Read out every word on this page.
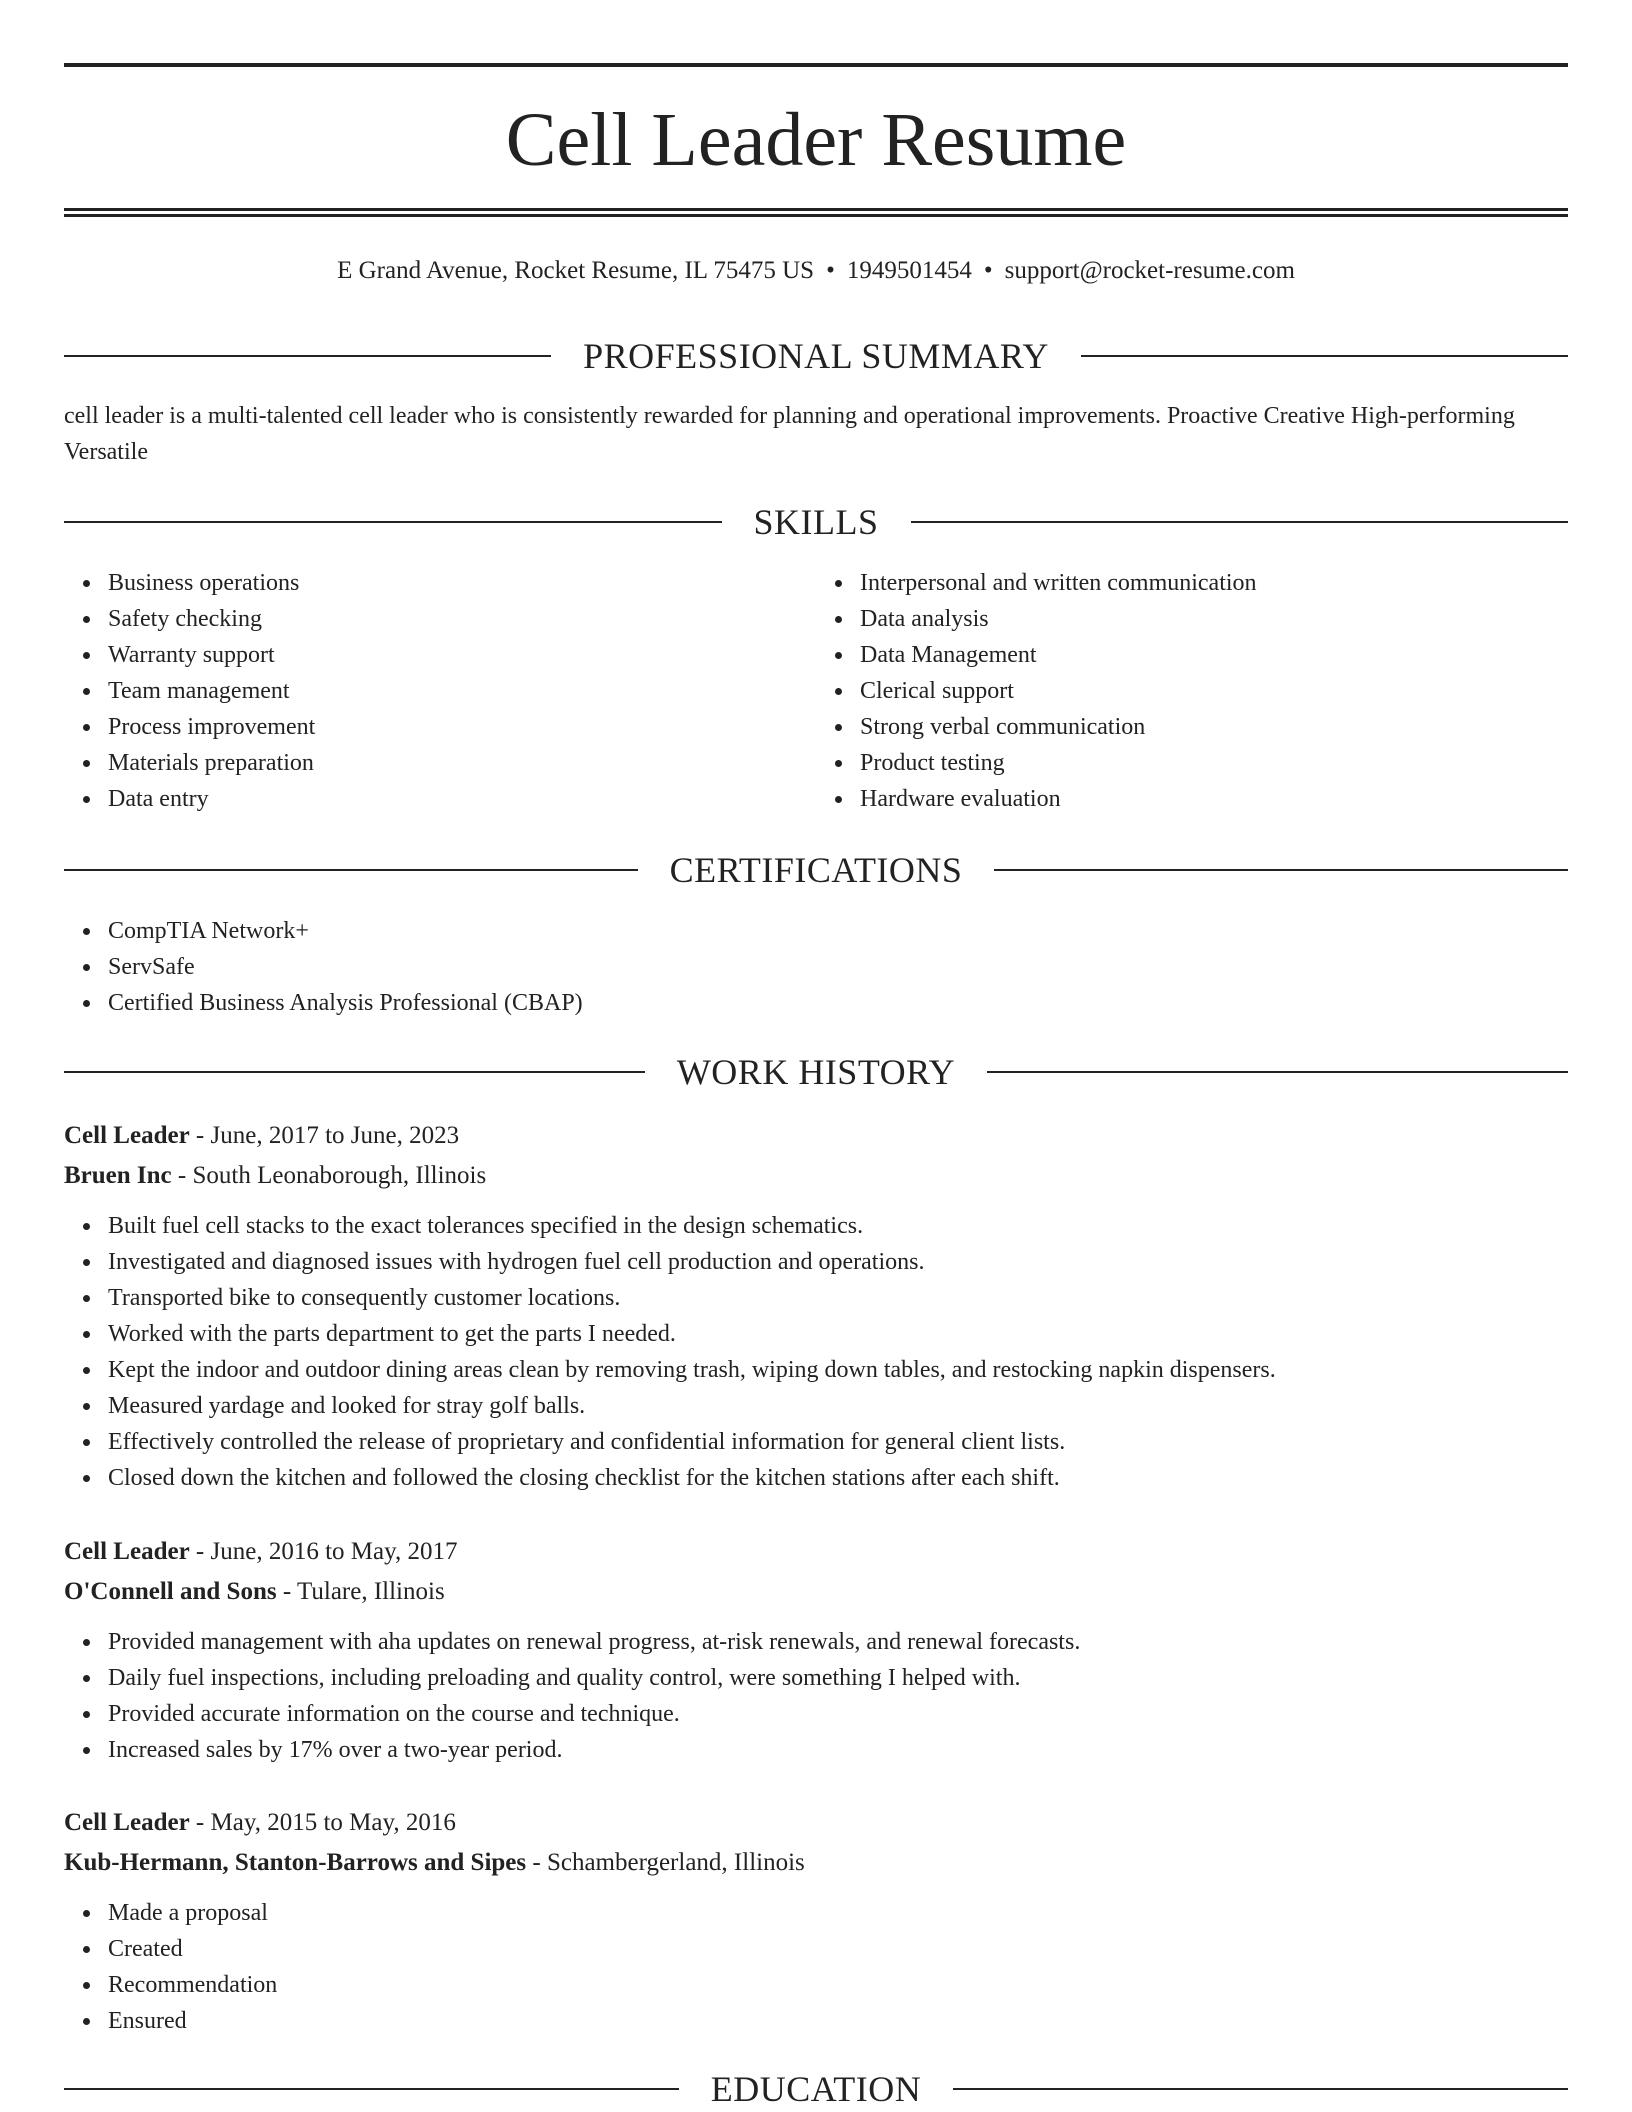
Cell Leader Resume
E Grand Avenue, Rocket Resume, IL 75475 US • 1949501454 • support@rocket-resume.com
PROFESSIONAL SUMMARY

cell leader is a multi-talented cell leader who is consistently rewarded for planning and operational improvements. Proactive Creative High-performing Versatile

SKILLS
Business operations
Safety checking
Warranty support
Team management
Process improvement
Materials preparation
Data entry
Interpersonal and written communication
Data analysis
Data Management
Clerical support
Strong verbal communication
Product testing
Hardware evaluation
CERTIFICATIONS
CompTIA Network+
ServSafe
Certified Business Analysis Professional (CBAP)
WORK HISTORY
Cell Leader - June, 2017 to June, 2023
Bruen Inc - South Leonaborough, Illinois
Built fuel cell stacks to the exact tolerances specified in the design schematics.
Investigated and diagnosed issues with hydrogen fuel cell production and operations.
Transported bike to consequently customer locations.
Worked with the parts department to get the parts I needed.
Kept the indoor and outdoor dining areas clean by removing trash, wiping down tables, and restocking napkin dispensers.
Measured yardage and looked for stray golf balls.
Effectively controlled the release of proprietary and confidential information for general client lists.
Closed down the kitchen and followed the closing checklist for the kitchen stations after each shift.
Cell Leader - June, 2016 to May, 2017
O'Connell and Sons - Tulare, Illinois
Provided management with aha updates on renewal progress, at-risk renewals, and renewal forecasts.
Daily fuel inspections, including preloading and quality control, were something I helped with.
Provided accurate information on the course and technique.
Increased sales by 17% over a two-year period.
Cell Leader - May, 2015 to May, 2016
Kub-Hermann, Stanton-Barrows and Sipes - Schambergerland, Illinois
Made a proposal
Created
Recommendation
Ensured
EDUCATION
